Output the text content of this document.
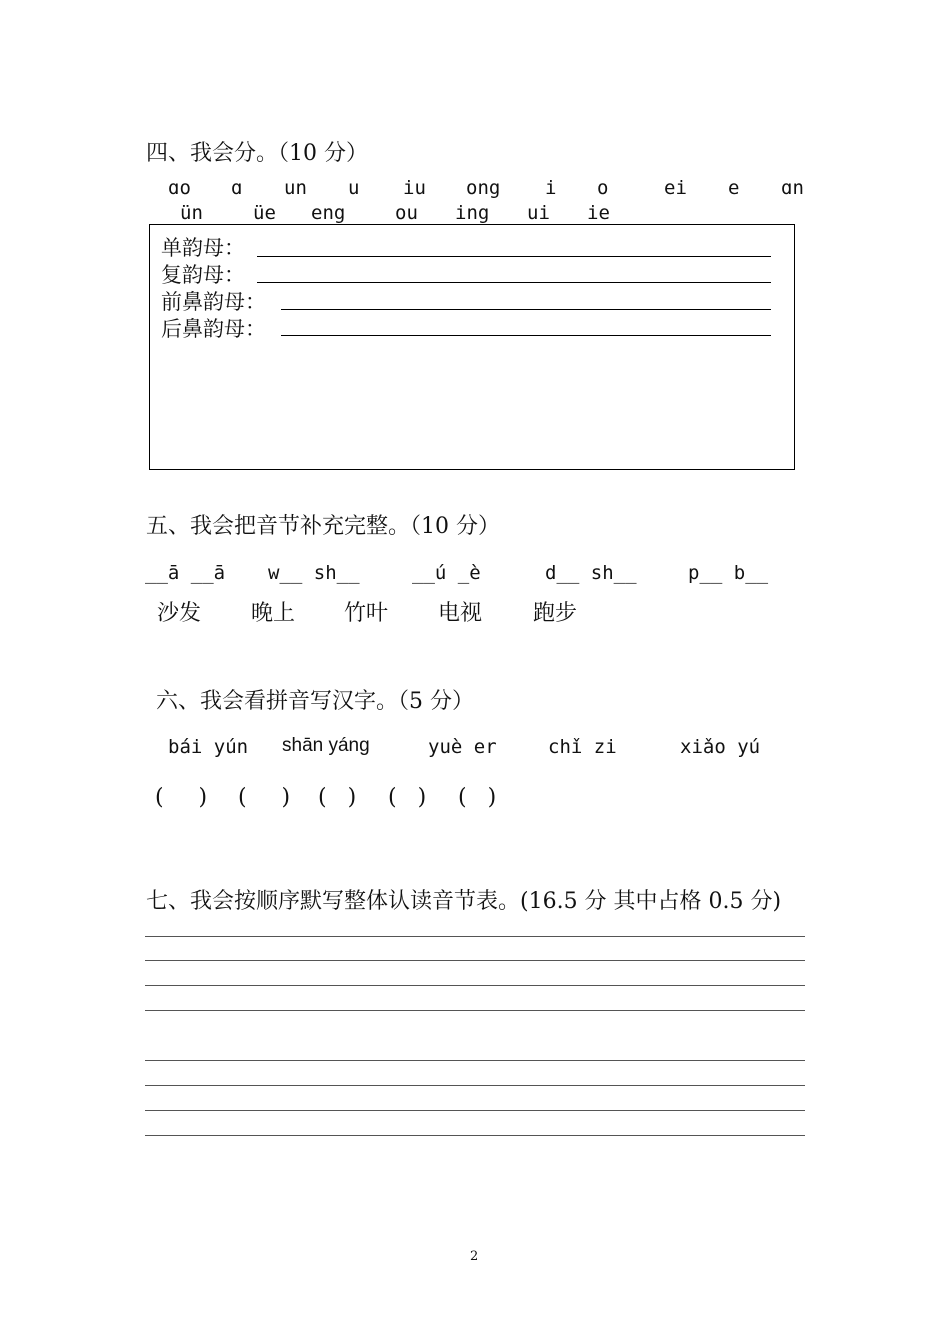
四、我会分。（10 分）
ɑo ɑ un u iu ong i o	ei e ɑn
ün	üe eng	ou ing ui ie
单韵母：
复韵母：
前鼻韵母：
后鼻韵母：
五、我会把音节补充完整。（10 分）
__ā __ā w__ sh__	__ú _è	d__ sh__	p__ b__
沙发 晚上 竹叶 电视 跑步
六、我会看拼音写汉字。（5 分）
bái yún shān yáng	yuè er	chǐ zi	xiǎo yú
(     ) (     ) (   ) (   ) (   )
七、我会按顺序默写整体认读音节表。(16.5 分 其中占格 0.5 分)
2
